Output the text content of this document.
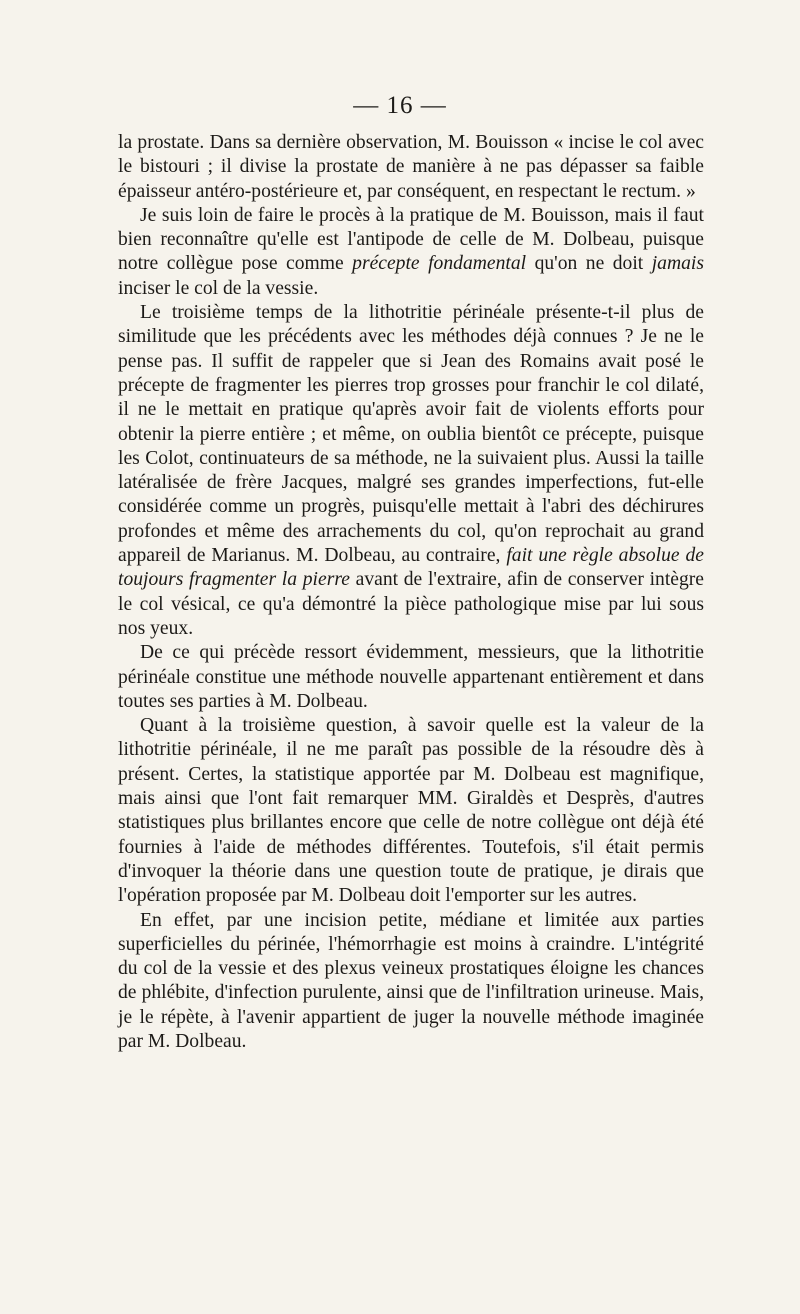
— 16 —

la prostate. Dans sa dernière observation, M. Bouisson « incise le col avec le bistouri ; il divise la prostate de manière à ne pas dépasser sa faible épaisseur antéro-postérieure et, par conséquent, en respectant le rectum. »

Je suis loin de faire le procès à la pratique de M. Bouisson, mais il faut bien reconnaître qu'elle est l'antipode de celle de M. Dolbeau, puisque notre collègue pose comme précepte fondamental qu'on ne doit jamais inciser le col de la vessie.

Le troisième temps de la lithotritie périnéale présente-t-il plus de similitude que les précédents avec les méthodes déjà connues ? Je ne le pense pas. Il suffit de rappeler que si Jean des Romains avait posé le précepte de fragmenter les pierres trop grosses pour franchir le col dilaté, il ne le mettait en pratique qu'après avoir fait de violents efforts pour obtenir la pierre entière ; et même, on oublia bientôt ce précepte, puisque les Colot, continuateurs de sa méthode, ne la suivaient plus. Aussi la taille latéralisée de frère Jacques, malgré ses grandes imperfections, fut-elle considérée comme un progrès, puisqu'elle mettait à l'abri des déchirures profondes et même des arrachements du col, qu'on reprochait au grand appareil de Marianus. M. Dolbeau, au contraire, fait une règle absolue de toujours fragmenter la pierre avant de l'extraire, afin de conserver intègre le col vésical, ce qu'a démontré la pièce pathologique mise par lui sous nos yeux.

De ce qui précède ressort évidemment, messieurs, que la lithotritie périnéale constitue une méthode nouvelle appartenant entièrement et dans toutes ses parties à M. Dolbeau.

Quant à la troisième question, à savoir quelle est la valeur de la lithotritie périnéale, il ne me paraît pas possible de la résoudre dès à présent. Certes, la statistique apportée par M. Dolbeau est magnifique, mais ainsi que l'ont fait remarquer MM. Giraldès et Desprès, d'autres statistiques plus brillantes encore que celle de notre collègue ont déjà été fournies à l'aide de méthodes différentes. Toutefois, s'il était permis d'invoquer la théorie dans une question toute de pratique, je dirais que l'opération proposée par M. Dolbeau doit l'emporter sur les autres.

En effet, par une incision petite, médiane et limitée aux parties superficielles du périnée, l'hémorrhagie est moins à craindre. L'intégrité du col de la vessie et des plexus veineux prostatiques éloigne les chances de phlébite, d'infection purulente, ainsi que de l'infiltration urineuse. Mais, je le répète, à l'avenir appartient de juger la nouvelle méthode imaginée par M. Dolbeau.
